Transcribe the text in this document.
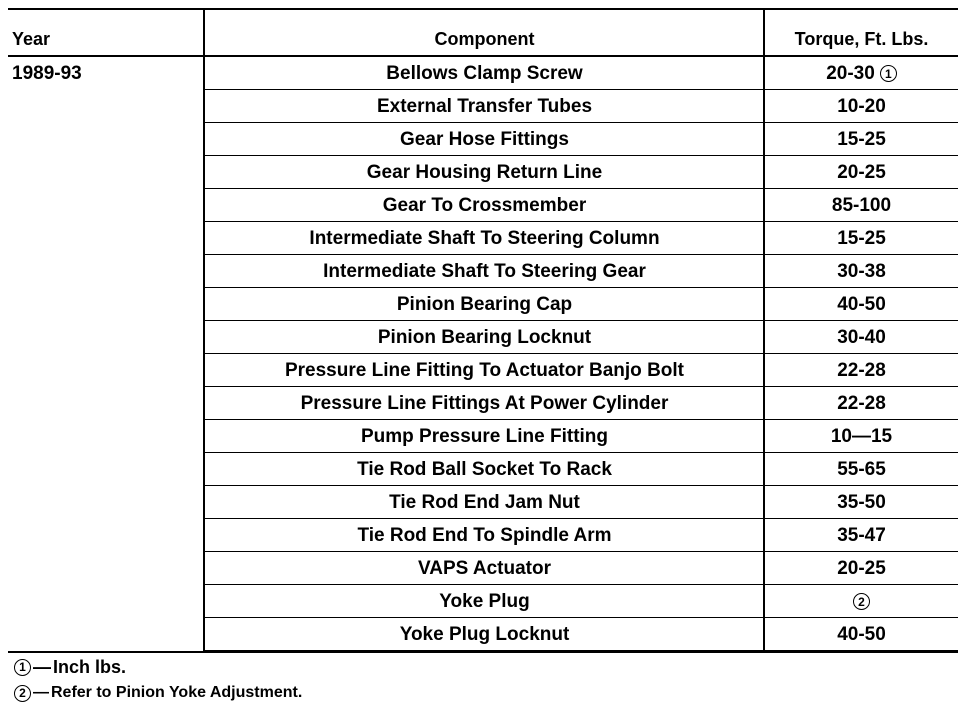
Year	Component	Torque, Ft. Lbs.
1989-93	Bellows Clamp Screw	20-30 1
External Transfer Tubes	10-20
Gear Hose Fittings	15-25
Gear Housing Return Line	20-25
Gear To Crossmember	85-100
Intermediate Shaft To Steering Column	15-25
Intermediate Shaft To Steering Gear	30-38
Pinion Bearing Cap	40-50
Pinion Bearing Locknut	30-40
Pressure Line Fitting To Actuator Banjo Bolt	22-28
Pressure Line Fittings At Power Cylinder	22-28
Pump Pressure Line Fitting	10—15
Tie Rod Ball Socket To Rack	55-65
Tie Rod End Jam Nut	35-50
Tie Rod End To Spindle Arm	35-47
VAPS Actuator	20-25
Yoke Plug	2
Yoke Plug Locknut	40-50
1 — Inch lbs.
2 — Refer to Pinion Yoke Adjustment.
